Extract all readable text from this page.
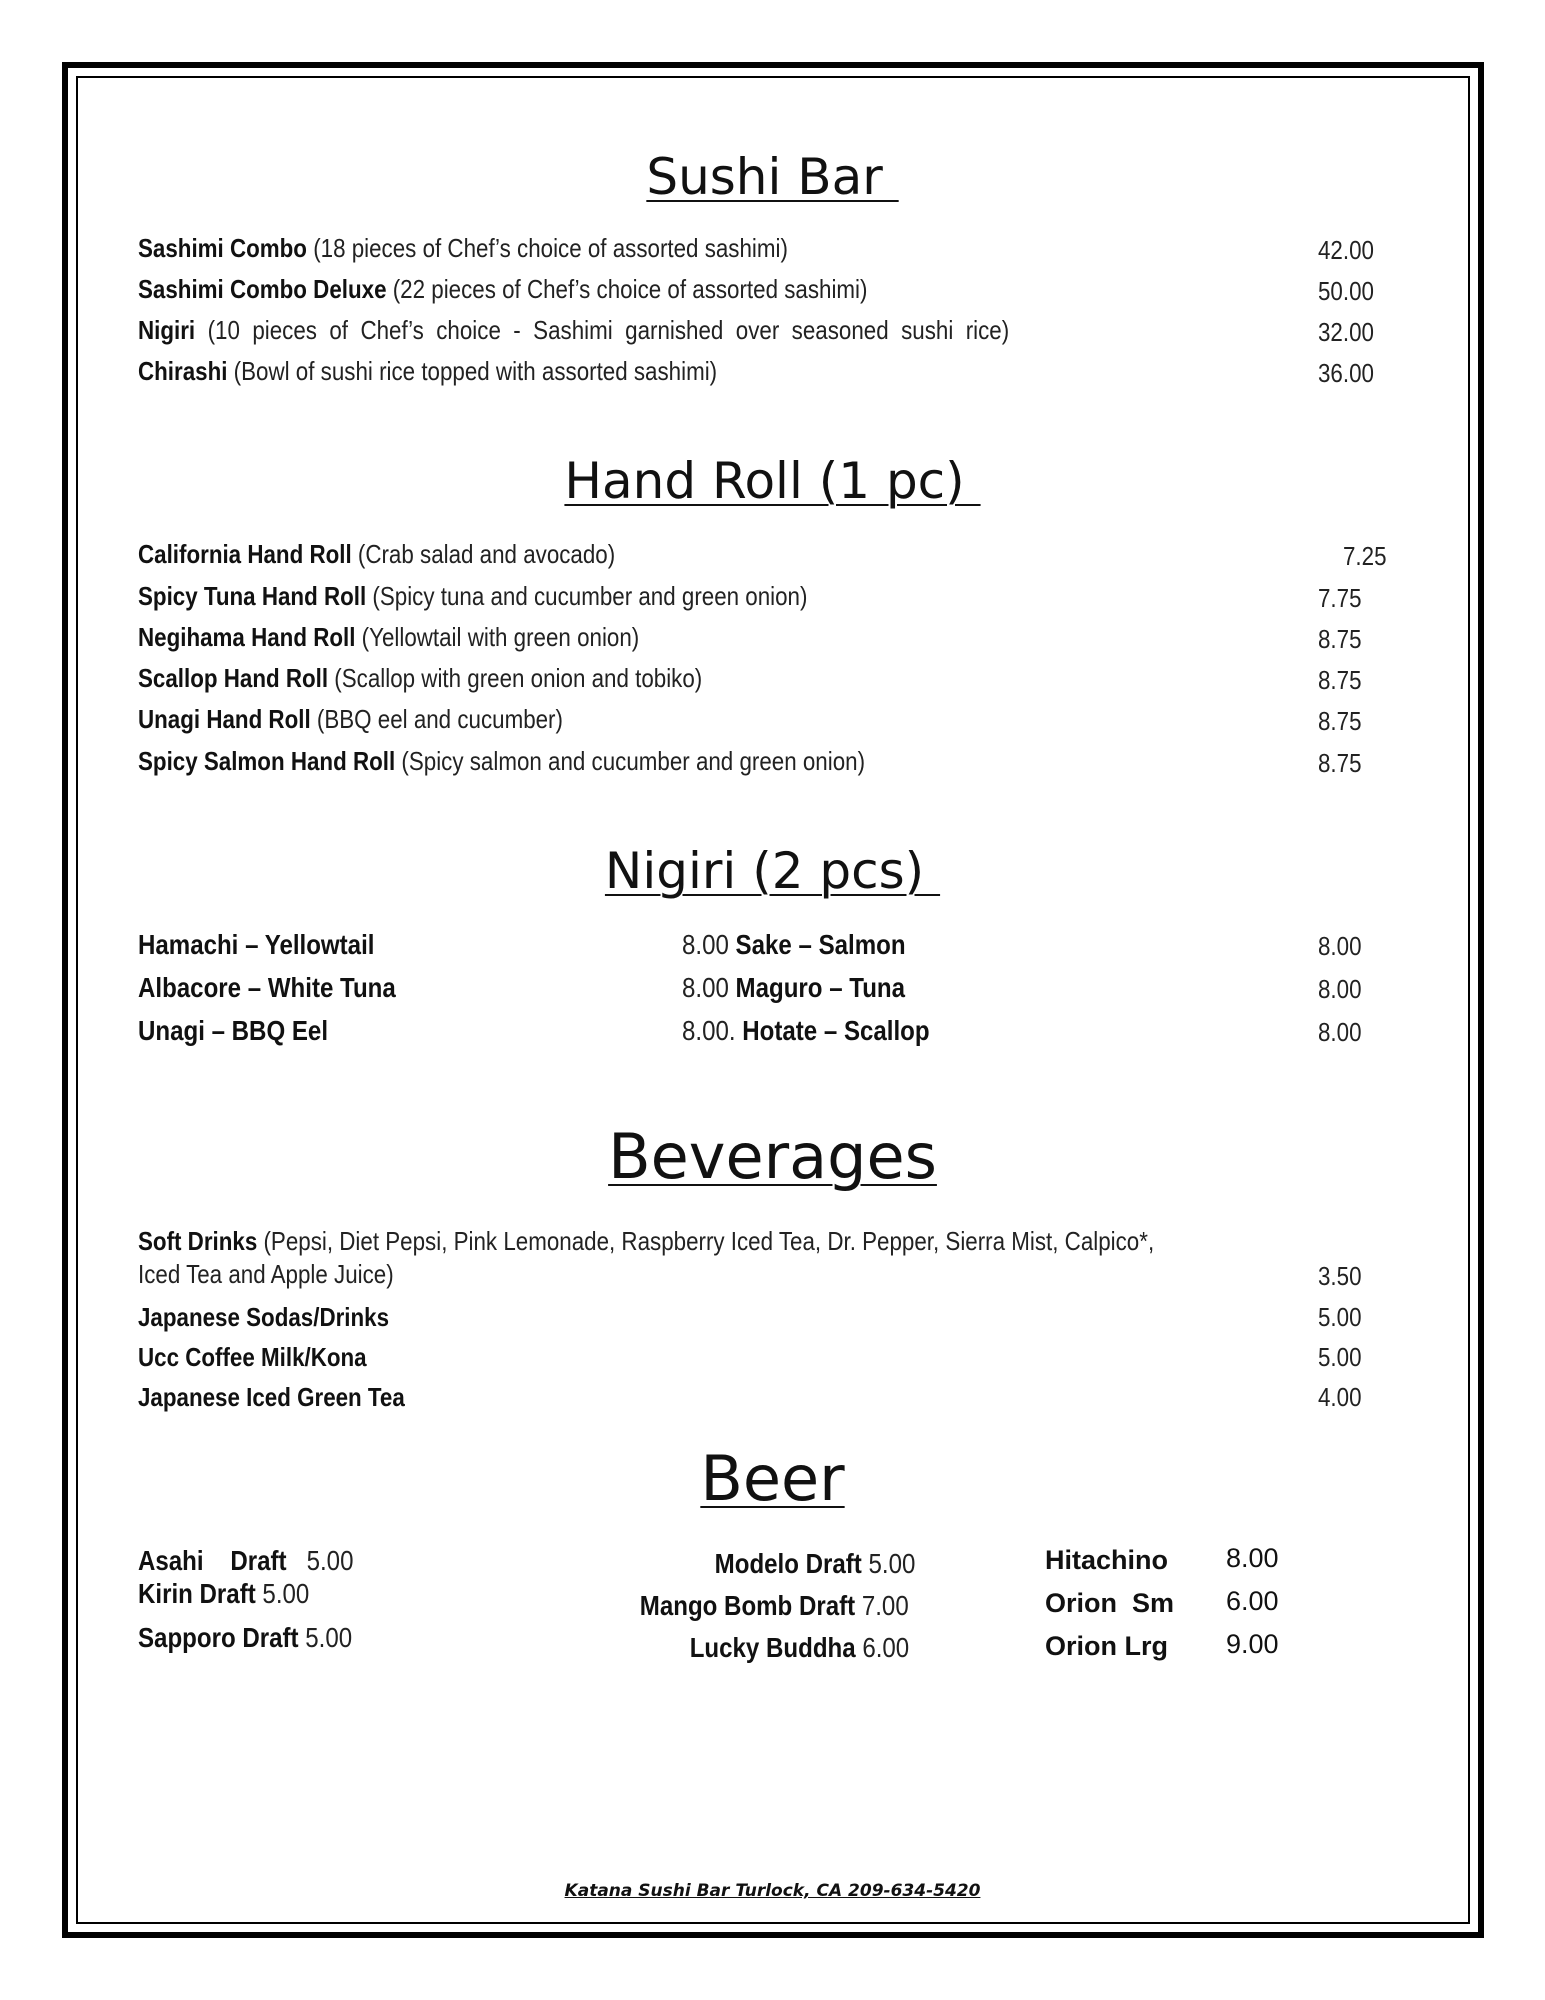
Sushi Bar
Sashimi Combo (18 pieces of Chef’s choice of assorted sashimi)	42.00
Sashimi Combo Deluxe (22 pieces of Chef’s choice of assorted sashimi)	50.00
Nigiri  (10  pieces  of  Chef’s  choice  -  Sashimi  garnished  over  seasoned  sushi  rice)	32.00
Chirashi (Bowl of sushi rice topped with assorted sashimi)	36.00
Hand Roll (1 pc)
California Hand Roll (Crab salad and avocado)	7.25
Spicy Tuna Hand Roll (Spicy tuna and cucumber and green onion)	7.75
Negihama Hand Roll (Yellowtail with green onion)	8.75
Scallop Hand Roll (Scallop with green onion and tobiko)	8.75
Unagi Hand Roll (BBQ eel and cucumber)	8.75
Spicy Salmon Hand Roll (Spicy salmon and cucumber and green onion)	8.75
Nigiri (2 pcs)
Hamachi – Yellowtail	8.00 Sake – Salmon	8.00
Albacore – White Tuna	8.00 Maguro – Tuna	8.00
Unagi – BBQ Eel	8.00. Hotate – Scallop	8.00
Beverages
Soft Drinks (Pepsi, Diet Pepsi, Pink Lemonade, Raspberry Iced Tea, Dr. Pepper, Sierra Mist, Calpico*,
Iced Tea and Apple Juice)	3.50
Japanese Sodas/Drinks	5.00
Ucc Coffee Milk/Kona	5.00
Japanese Iced Green Tea	4.00
Beer
Asahi    Draft 5.00
Kirin Draft 5.00
Sapporo Draft 5.00
Modelo Draft 5.00
Mango Bomb Draft 7.00
Lucky Buddha 6.00
Hitachino 8.00
Orion  Sm 6.00
Orion Lrg 9.00
Katana Sushi Bar Turlock, CA 209-634-5420
